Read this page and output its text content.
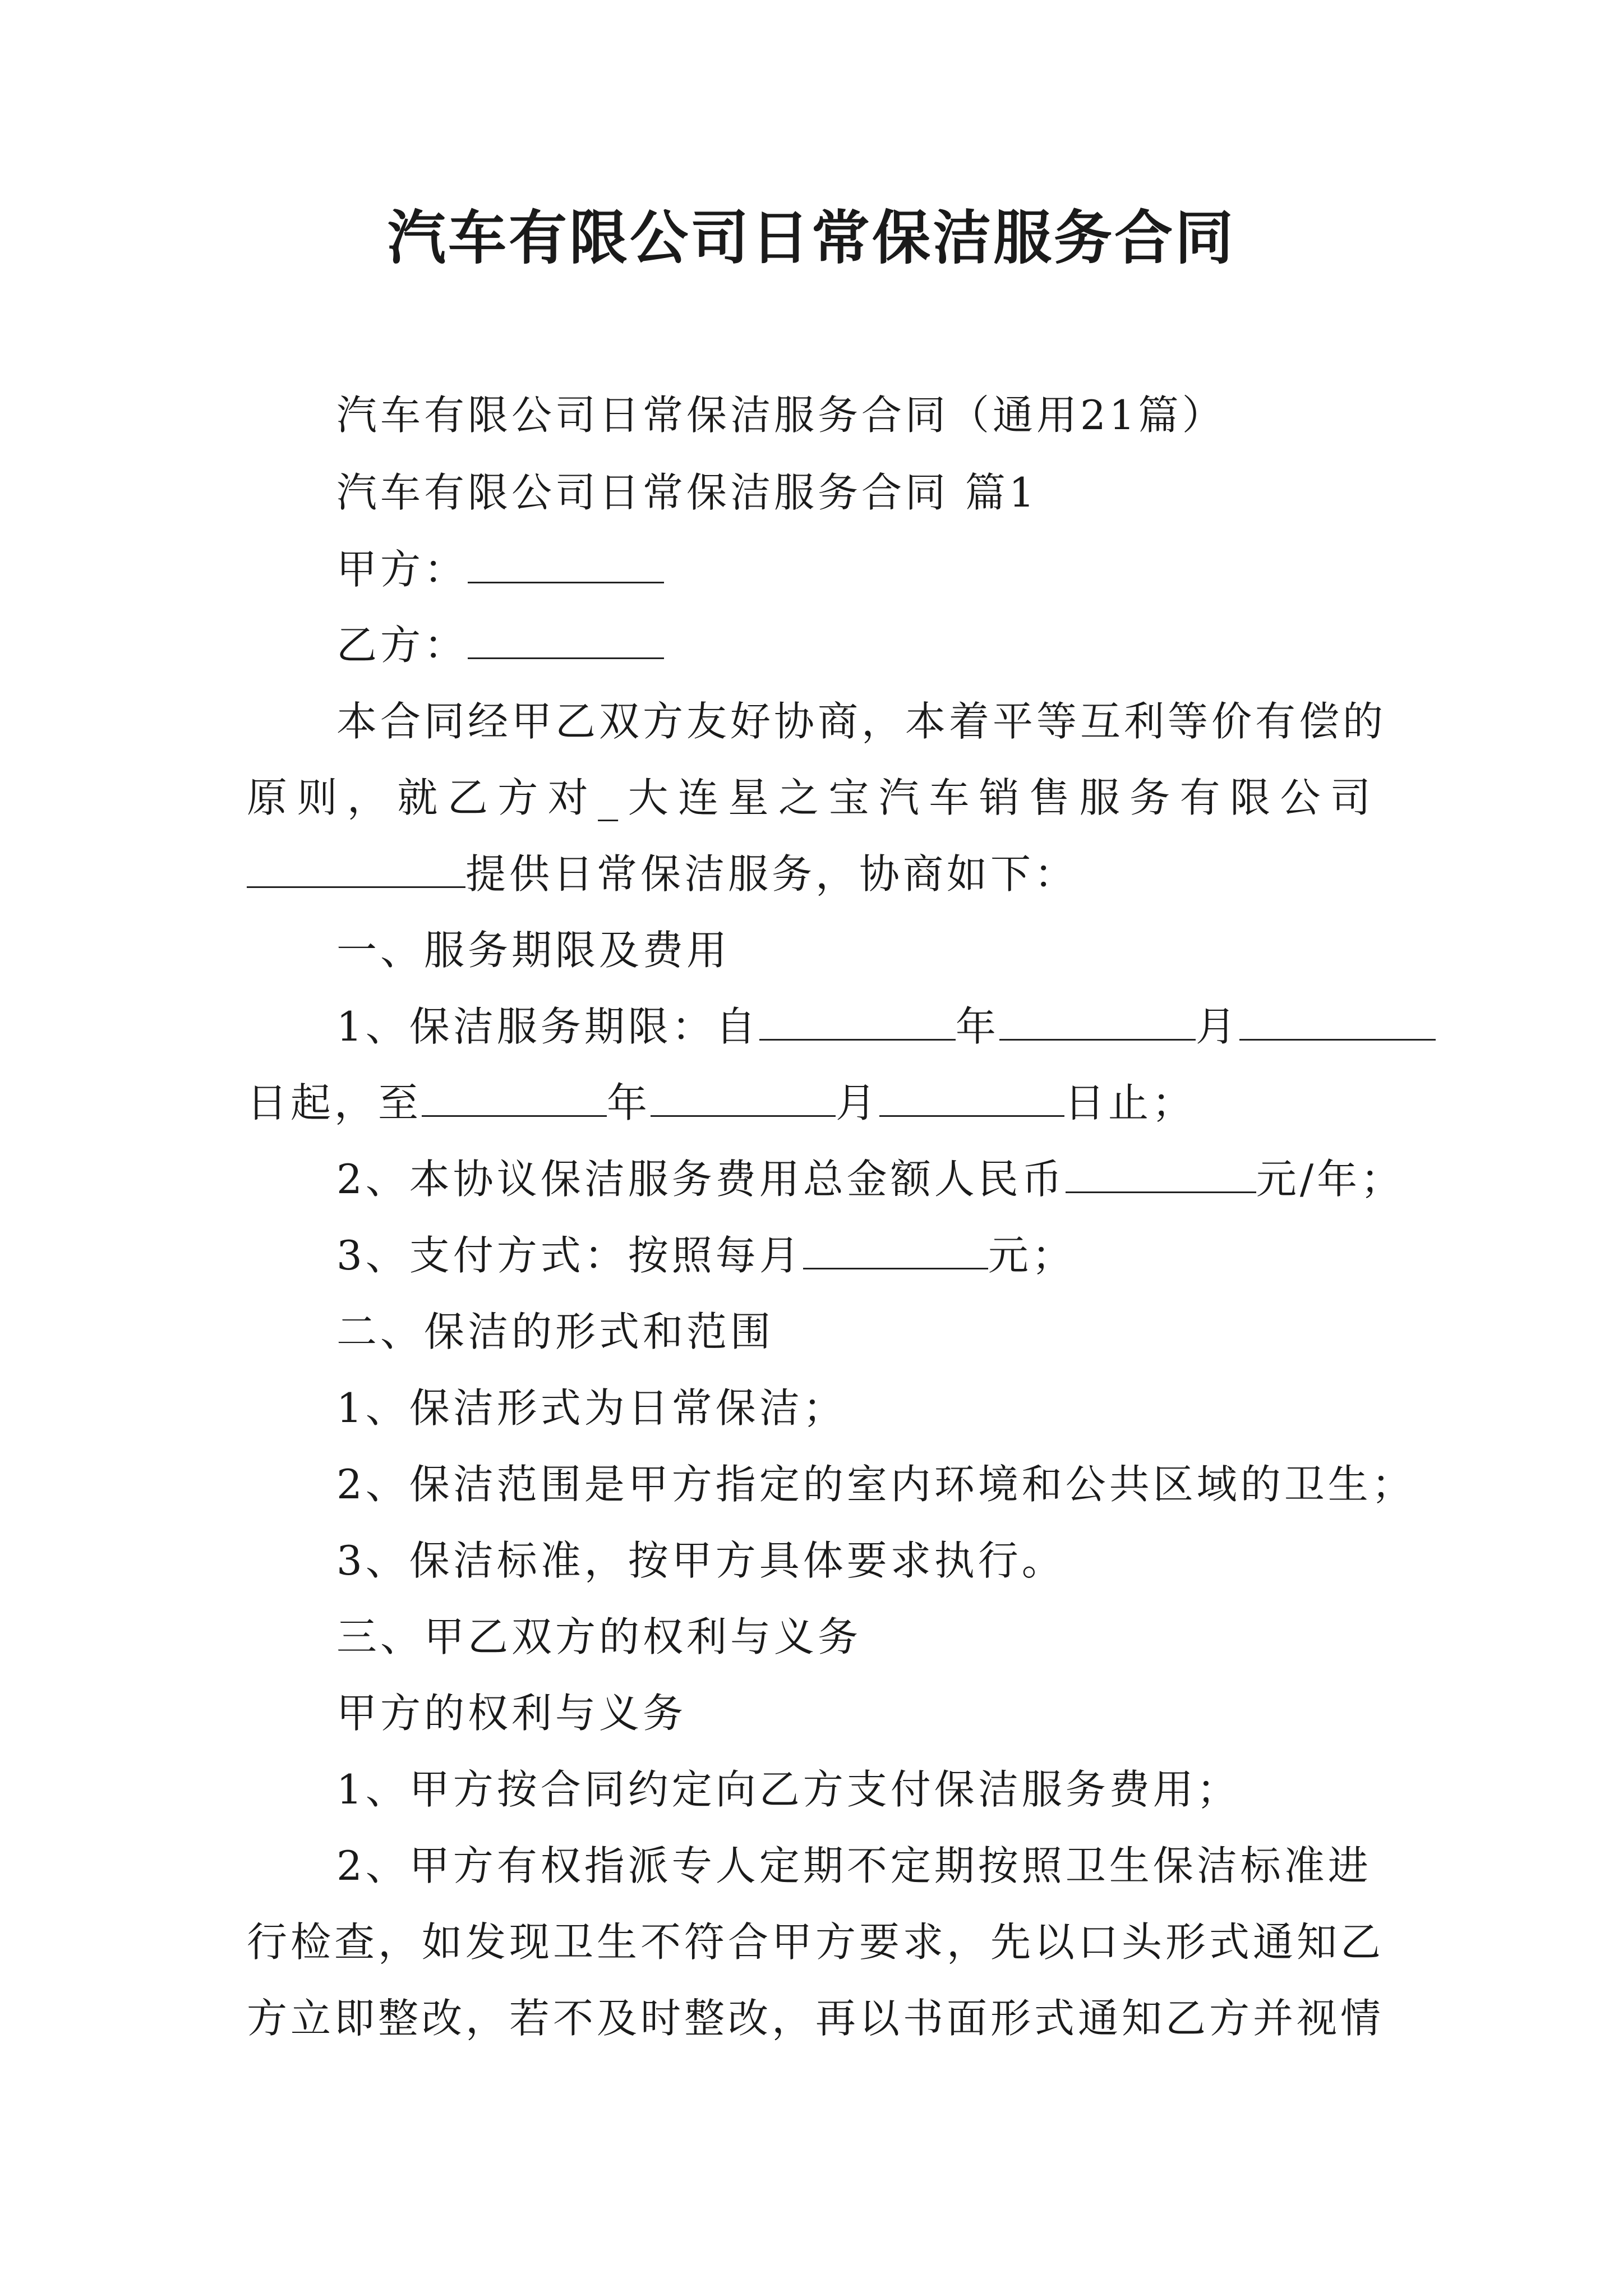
汽车有限公司日常保洁服务合同
汽车有限公司日常保洁服务合同（通用21篇）
汽车有限公司日常保洁服务合同 篇1
甲方：
乙方：
本合同经甲乙双方友好协商，本着平等互利等价有偿的
原则，就乙方对_大连星之宝汽车销售服务有限公司
提供日常保洁服务，协商如下：
一、服务期限及费用
1、保洁服务期限：自	年	月
日起，至	年	月	日止；
2、本协议保洁服务费用总金额人民币	元/年；
3、支付方式：按照每月	元；
二、保洁的形式和范围
1、保洁形式为日常保洁；
2、保洁范围是甲方指定的室内环境和公共区域的卫生；
3、保洁标准，按甲方具体要求执行。
三、甲乙双方的权利与义务
甲方的权利与义务
1、甲方按合同约定向乙方支付保洁服务费用；
2、甲方有权指派专人定期不定期按照卫生保洁标准进
行检查，如发现卫生不符合甲方要求，先以口头形式通知乙
方立即整改，若不及时整改，再以书面形式通知乙方并视情
